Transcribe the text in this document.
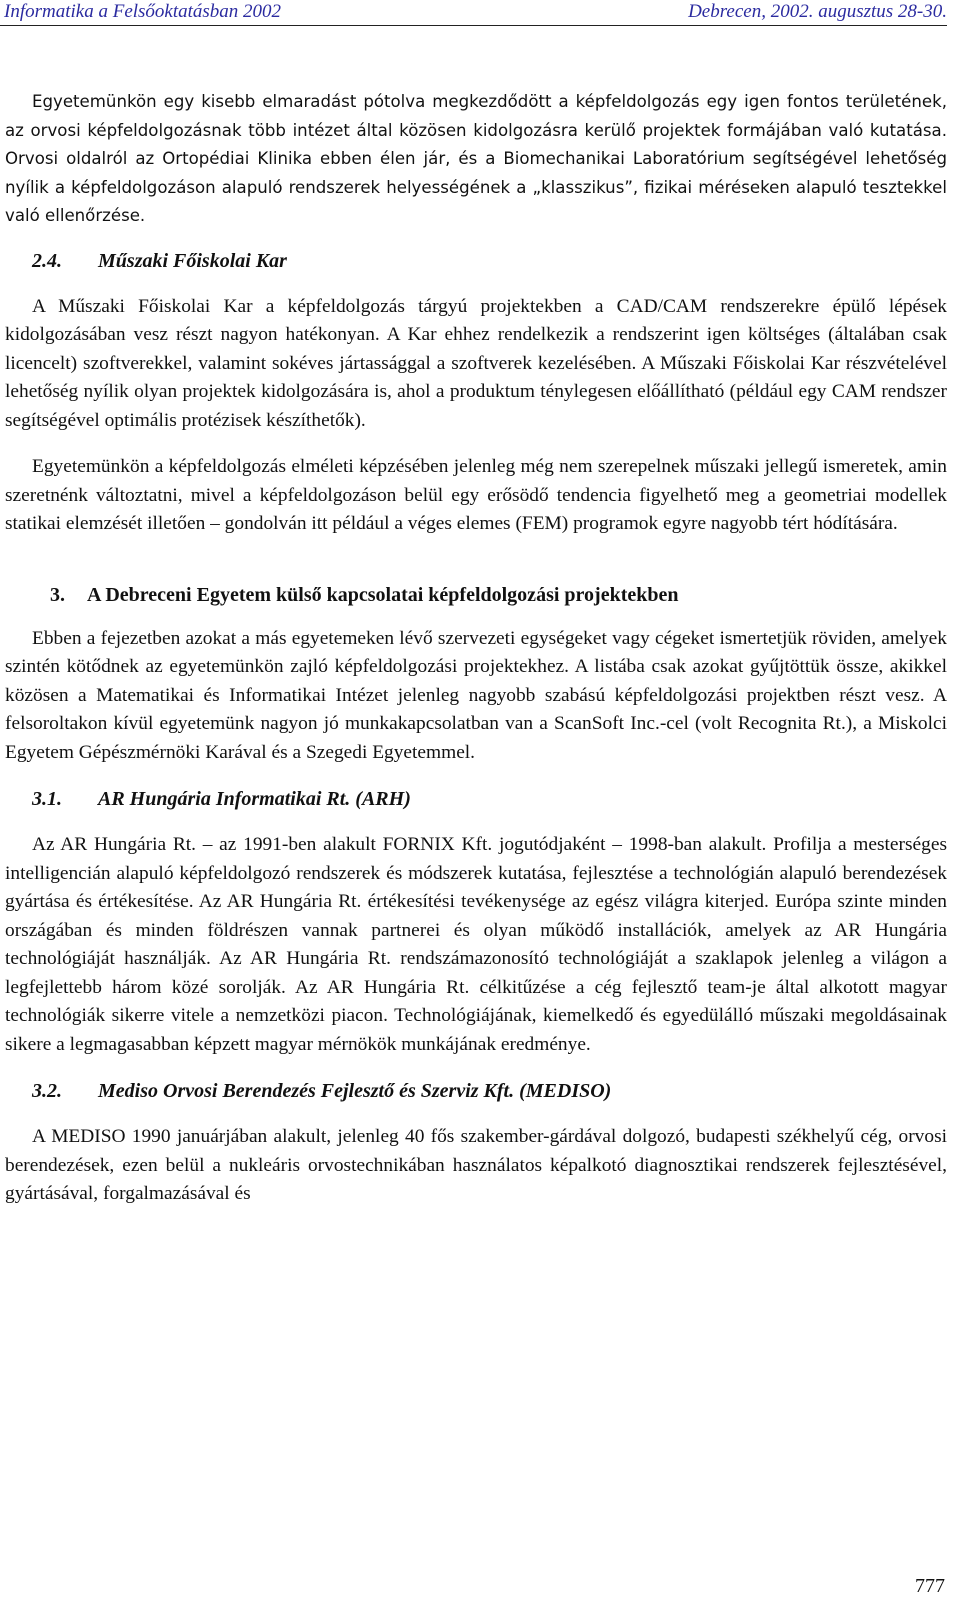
Informatika a Felsőoktatásban 2002	Debrecen, 2002. augusztus 28-30.

Egyetemünkön egy kisebb elmaradást pótolva megkezdődött a képfeldolgozás egy igen fontos területének, az orvosi képfeldolgozásnak több intézet által közösen kidolgozásra kerülő projektek formájában való kutatása. Orvosi oldalról az Ortopédiai Klinika ebben élen jár, és a Biomechanikai Laboratórium segítségével lehetőség nyílik a képfeldolgozáson alapuló rendszerek helyességének a „klasszikus”, fizikai méréseken alapuló tesztekkel való ellenőrzése.

2.4. Műszaki Főiskolai Kar

A Műszaki Főiskolai Kar a képfeldolgozás tárgyú projektekben a CAD/CAM rendszerekre épülő lépések kidolgozásában vesz részt nagyon hatékonyan. A Kar ehhez rendelkezik a rendszerint igen költséges (általában csak licencelt) szoftverekkel, valamint sokéves jártassággal a szoftverek kezelésében. A Műszaki Főiskolai Kar részvételével lehetőség nyílik olyan projektek kidolgozására is, ahol a produktum ténylegesen előállítható (például egy CAM rendszer segítségével optimális protézisek készíthetők).

Egyetemünkön a képfeldolgozás elméleti képzésében jelenleg még nem szerepelnek műszaki jellegű ismeretek, amin szeretnénk változtatni, mivel a képfeldolgozáson belül egy erősödő tendencia figyelhető meg a geometriai modellek statikai elemzését illetően – gondolván itt például a véges elemes (FEM) programok egyre nagyobb tért hódítására.

3. A Debreceni Egyetem külső kapcsolatai képfeldolgozási projektekben

Ebben a fejezetben azokat a más egyetemeken lévő szervezeti egységeket vagy cégeket ismertetjük röviden, amelyek szintén kötődnek az egyetemünkön zajló képfeldolgozási projektekhez. A listába csak azokat gyűjtöttük össze, akikkel közösen a Matematikai és Informatikai Intézet jelenleg nagyobb szabású képfeldolgozási projektben részt vesz. A felsoroltakon kívül egyetemünk nagyon jó munkakapcsolatban van a ScanSoft Inc.-cel (volt Recognita Rt.), a Miskolci Egyetem Gépészmérnöki Karával és a Szegedi Egyetemmel.

3.1. AR Hungária Informatikai Rt. (ARH)

Az AR Hungária Rt. – az 1991-ben alakult FORNIX Kft. jogutódjaként – 1998-ban alakult. Profilja a mesterséges intelligencián alapuló képfeldolgozó rendszerek és módszerek kutatása, fejlesztése a technológián alapuló berendezések gyártása és értékesítése. Az AR Hungária Rt. értékesítési tevékenysége az egész világra kiterjed. Európa szinte minden országában és minden földrészen vannak partnerei és olyan működő installációk, amelyek az AR Hungária technológiáját használják. Az AR Hungária Rt. rendszámazonosító technológiáját a szaklapok jelenleg a világon a legfejlettebb három közé sorolják. Az AR Hungária Rt. célkitűzése a cég fejlesztő team-je által alkotott magyar technológiák sikerre vitele a nemzetközi piacon. Technológiájának, kiemelkedő és egyedülálló műszaki megoldásainak sikere a legmagasabban képzett magyar mérnökök munkájának eredménye.

3.2. Mediso Orvosi Berendezés Fejlesztő és Szerviz Kft. (MEDISO)

A MEDISO 1990 januárjában alakult, jelenleg 40 fős szakember-gárdával dolgozó, budapesti székhelyű cég, orvosi berendezések, ezen belül a nukleáris orvostechnikában használatos képalkotó diagnosztikai rendszerek fejlesztésével, gyártásával, forgalmazásával és

777
